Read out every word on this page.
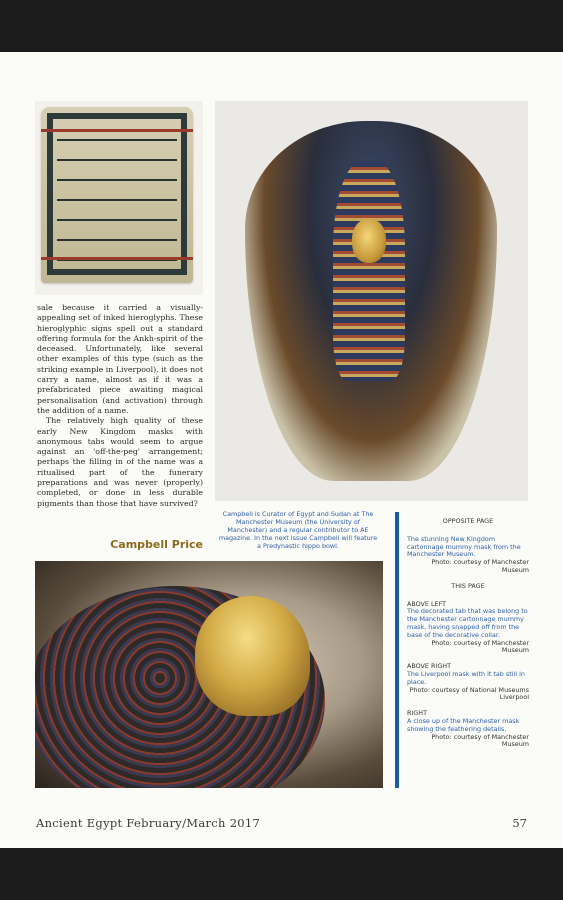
sale because it carried a visually-appealing set of inked hieroglyphs. These hieroglyphic signs spell out a standard offering formula for the Ankh-spirit of the deceased. Unfortunately, like several other examples of this type (such as the striking example in Liverpool), it does not carry a name, almost as if it was a prefabricated piece awaiting magical personalisation (and activation) through the addition of a name.

The relatively high quality of these early New Kingdom masks with anonymous tabs would seem to argue against an 'off-the-peg' arrangement; perhaps the filling in of the name was a ritualised part of the funerary preparations and was never (properly) completed, or done in less durable pigments than those that have survived?

Campbell Price
Campbell is Curator of Egypt and Sudan at The Manchester Museum (the University of Manchester) and a regular contributor to AE magazine. In the next issue Campbell will feature a Predynastic hippo bowl.

OPPOSITE PAGE

The stunning New Kingdom cartonnage mummy mask from the Manchester Museum.

Photo: courtesy of Manchester Museum

THIS PAGE

ABOVE LEFT

The decorated tab that was belong to the Manchester cartonnage mummy mask, having snapped off from the base of the decorative collar.

Photo: courtesy of Manchester Museum

ABOVE RIGHT

The Liverpool mask with it tab still in place.

Photo: courtesy of National Museums Liverpool

RIGHT

A close up of the Manchester mask showing the feathering details.

Photo: courtesy of Manchester Museum

Ancient Egypt February/March 2017	57
